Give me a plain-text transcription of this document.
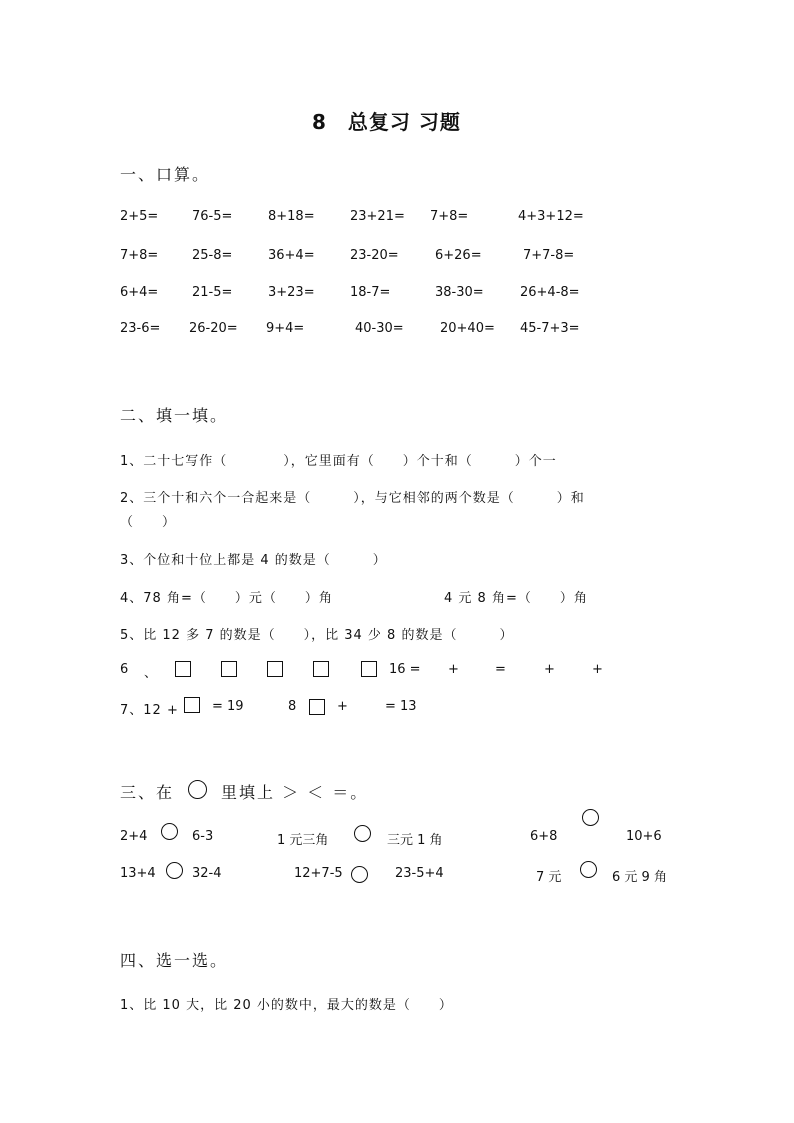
8　总复习 习题
一、口算。
2+5=	76-5=	8+18=	23+21= 7+8=	4+3+12=
7+8=	25-8=	36+4=	23-20=	6+26=	7+7-8=
6+4=	21-5=	3+23=	18-7=	38-30=	26+4-8=
23-6= 26-20= 9+4=	40-30=	20+40= 45-7+3=
二、填一填。
1、二十七写作（　　　　），它里面有（　　）个十和（　　　）个一
2、三个十和六个一合起来是（　　　），与它相邻的两个数是（　　　）和
（　　）
3、个位和十位上都是 4 的数是（　　　）
4、78 角=（　　）元（　　）角	4 元 8 角=（　　）角
5、比 12 多 7 的数是（　　），比 34 少 8 的数是（　　　）
6 、	16 = +	=	+	+
7、12 +	= 19	8	+	= 13
三、在	里填上 ＞ ＜ ＝。
2+4	6-3	1 元三角	三元 1 角	6+8	10+6
13+4	32-4	12+7-5	23-5+4	7 元	6 元 9 角
四、选一选。
1、比 10 大，比 20 小的数中，最大的数是（　　）
